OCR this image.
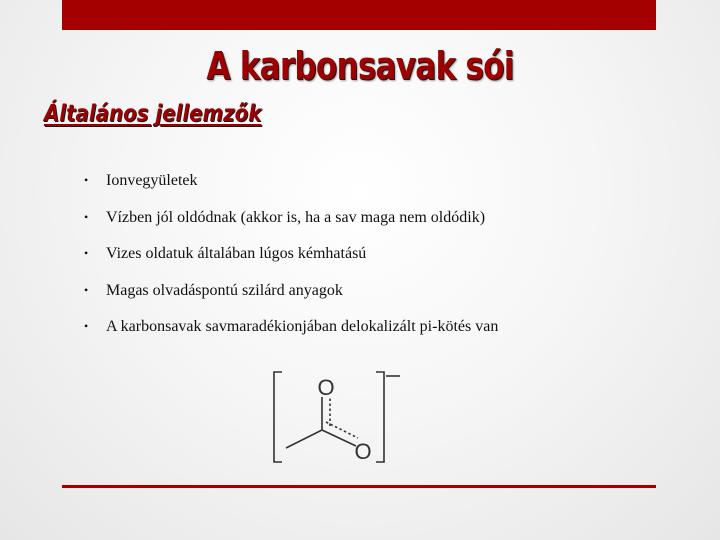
A karbonsavak sói
Általános jellemzők
• Ionvegyületek
• Vízben jól oldódnak (akkor is, ha a sav maga nem oldódik)
• Vizes oldatuk általában lúgos kémhatású
• Magas olvadáspontú szilárd anyagok
• A karbonsavak savmaradékionjában delokalizált pi-kötés van
O
O
